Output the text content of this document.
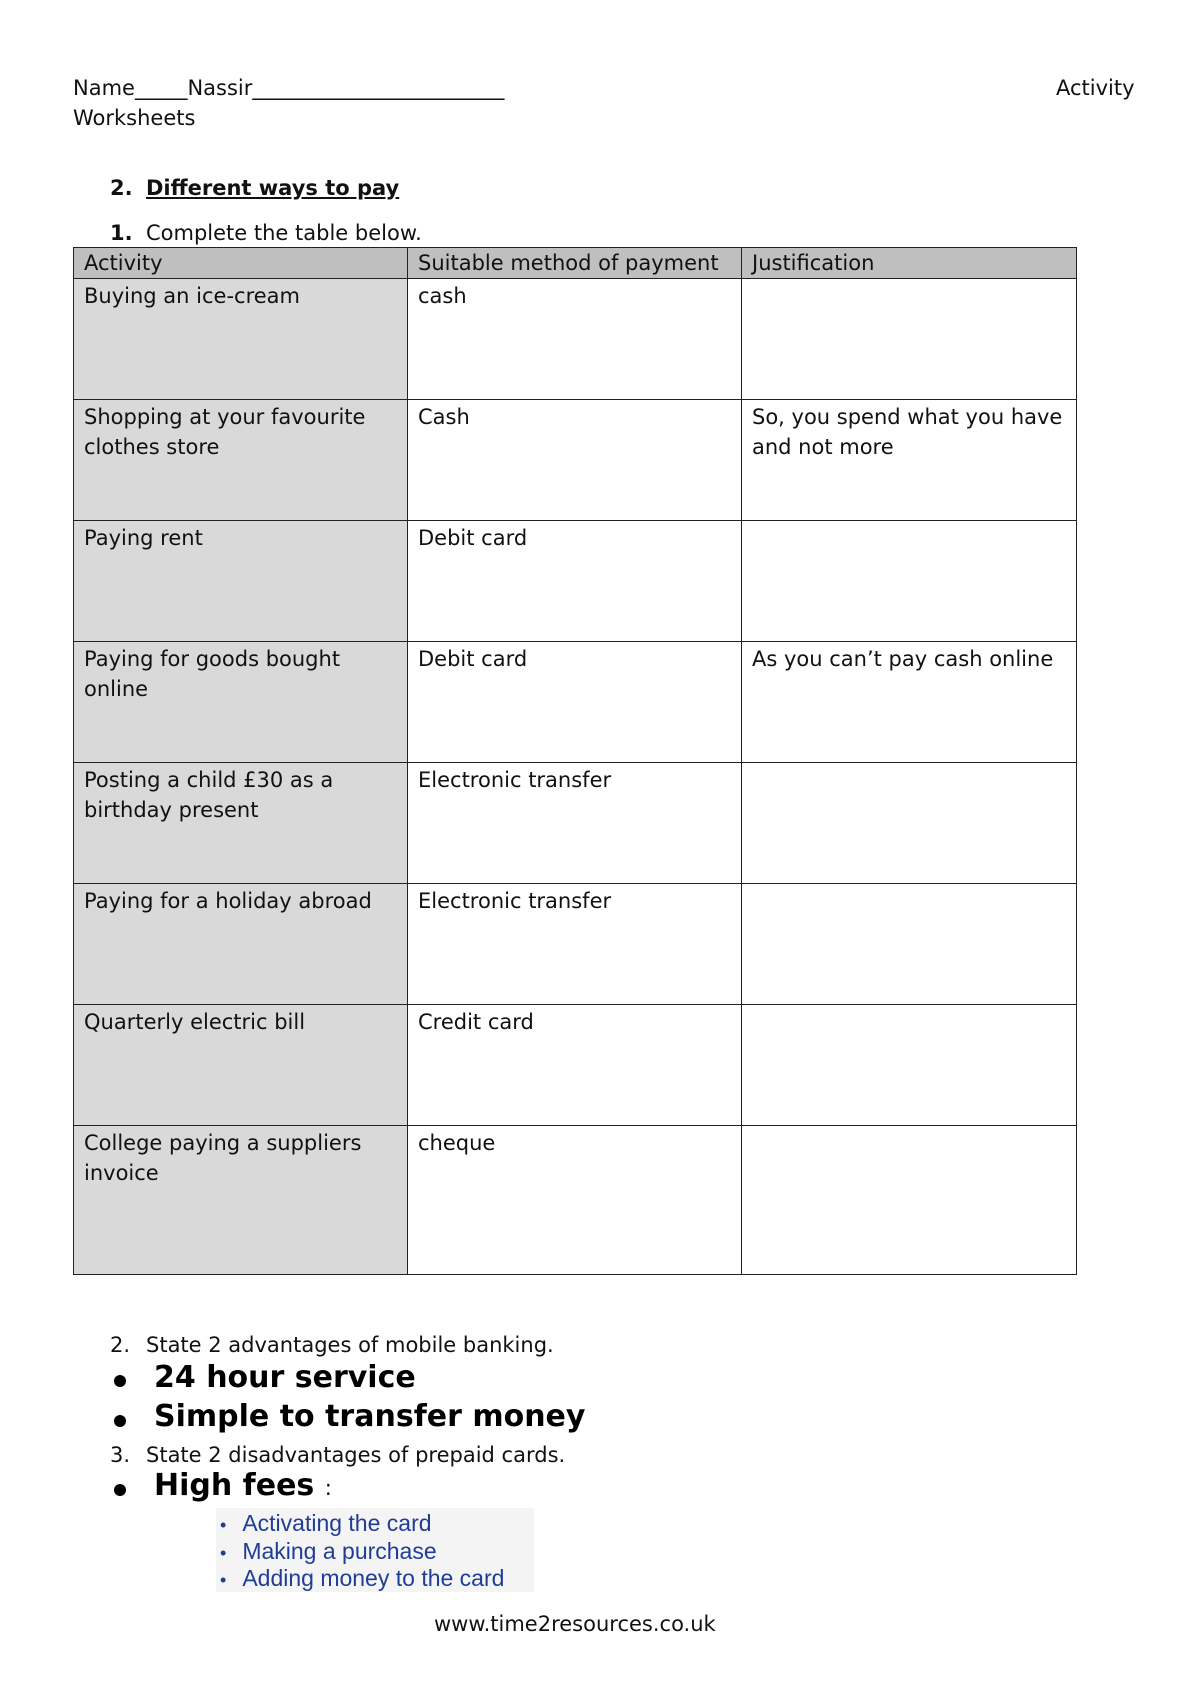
Name_____Nassir________________________	Activity
Worksheets
2. Different ways to pay
1. Complete the table below.
Activity	Suitable method of payment	Justification
Buying an ice-cream	cash	
Shopping at your favourite clothes store	Cash	So, you spend what you have and not more
Paying rent	Debit card	
Paying for goods bought online	Debit card	As you can’t pay cash online
Posting a child £30 as a birthday present	Electronic transfer	
Paying for a holiday abroad	Electronic transfer	
Quarterly electric bill	Credit card	
College paying a suppliers invoice	cheque	
2. State 2 advantages of mobile banking.
24 hour service
Simple to transfer money
3. State 2 disadvantages of prepaid cards.
High fees :
• Activating the card
• Making a purchase
• Adding money to the card
www.time2resources.co.uk
